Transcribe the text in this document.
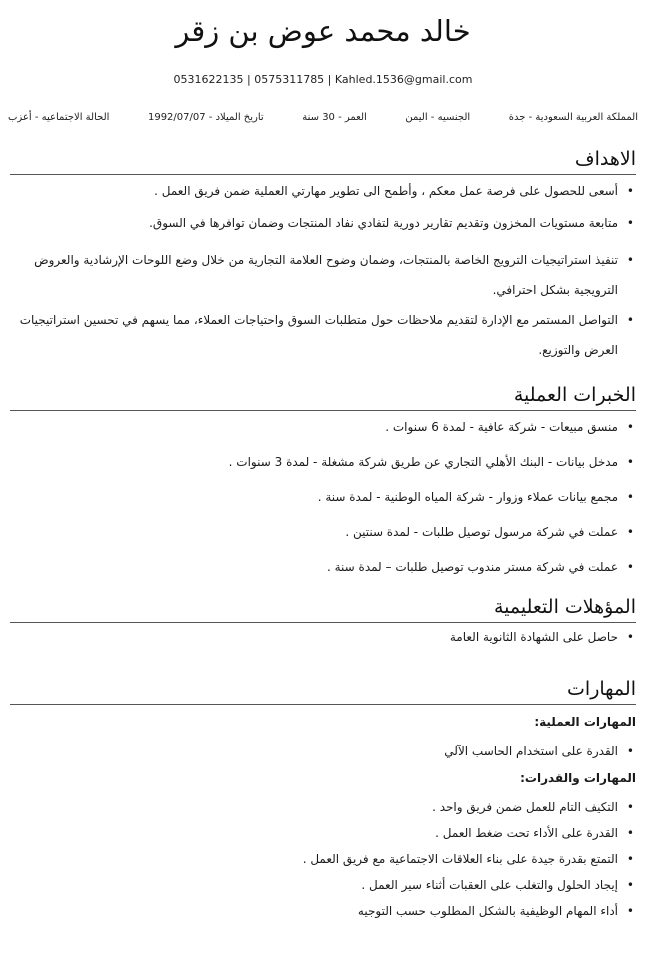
خالد محمد عوض بن زقر
0531622135 | 0575311785 | Kahled.1536@gmail.com
المملكة العربية السعودية - جدة
الجنسيه - اليمن
العمر - 30 سنة
تاريخ الميلاد - 1992/07/07
الحالة الاجتماعيه - أعزب
الاهداف
• أسعى للحصول على فرصة عمل معكم ، وأطمح الى تطوير مهارتي العملية ضمن فريق العمل .
• متابعة مستويات المخزون وتقديم تقارير دورية لتفادي نفاد المنتجات وضمان توافرها في السوق.
• تنفيذ استراتيجيات الترويج الخاصة بالمنتجات، وضمان وضوح العلامة التجارية من خلال وضع اللوحات الإرشادية والعروض الترويجية بشكل احترافي.
• التواصل المستمر مع الإدارة لتقديم ملاحظات حول متطلبات السوق واحتياجات العملاء، مما يسهم في تحسين استراتيجيات العرض والتوزيع.
الخبرات العملية
• منسق مبيعات - شركة عافية - لمدة 6 سنوات .
• مدخل بيانات - البنك الأهلي التجاري عن طريق شركة مشغلة - لمدة 3 سنوات .
• مجمع بيانات عملاء وزوار - شركة المياه الوطنية - لمدة سنة .
• عملت في شركة مرسول توصيل طلبات - لمدة سنتين .
• عملت في شركة مستر مندوب توصيل طلبات – لمدة سنة .
المؤهلات التعليمية
• حاصل على الشهادة الثانوية العامة
المهارات

المهارات العملية:

• القدرة على استخدام الحاسب الآلي

المهارات والقدرات:

• التكيف التام للعمل ضمن فريق واحد .
• القدرة على الأداء تحت ضغط العمل .
• التمتع بقدرة جيدة على بناء العلاقات الاجتماعية مع فريق العمل .
• إيجاد الحلول والتغلب على العقبات أثناء سير العمل .
• أداء المهام الوظيفية بالشكل المطلوب حسب التوجيه
